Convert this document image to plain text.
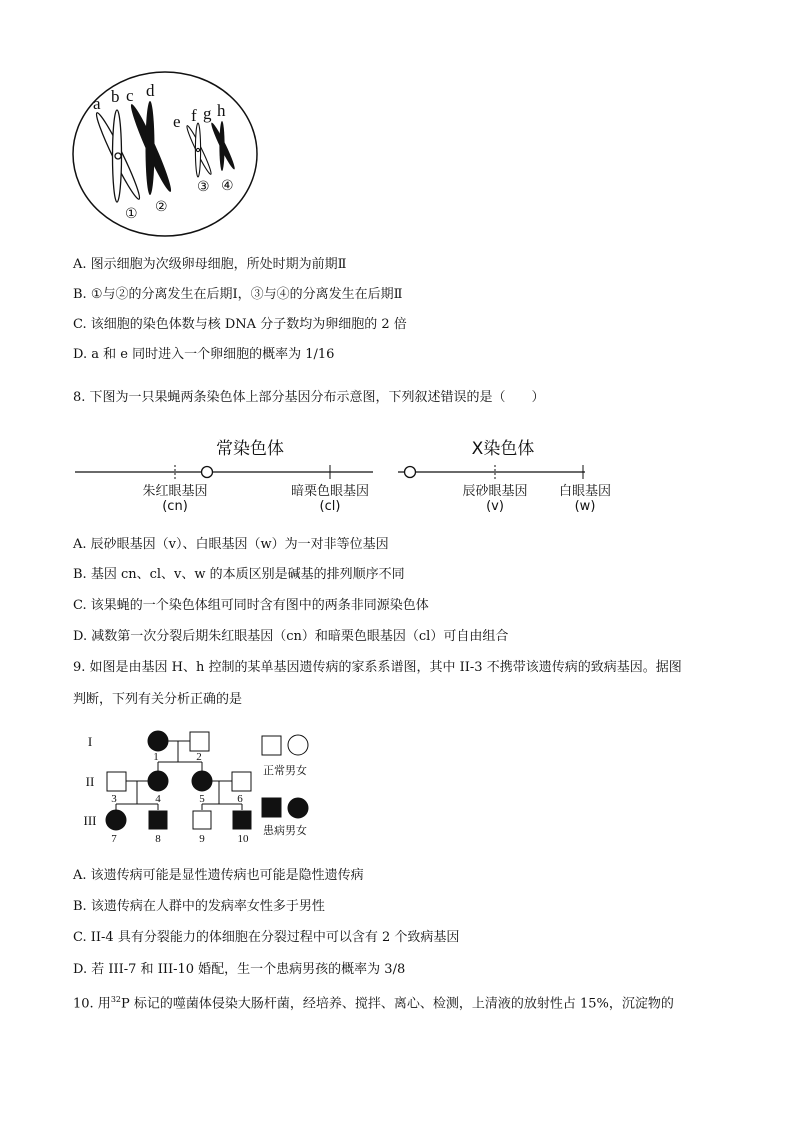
a b c d
e f g h
① ②
③ ④
常染色体
朱红眼基因
(cn)
暗栗色眼基因
(cl)
X染色体
辰砂眼基因
(v)
白眼基因
(w)
I
II
III
1	2
3	4	5	6
7	8	9	10
正常男女
患病男女
A. 图示细胞为次级卵母细胞，所处时期为前期Ⅱ
B. ①与②的分离发生在后期Ⅰ，③与④的分离发生在后期Ⅱ
C. 该细胞的染色体数与核 DNA 分子数均为卵细胞的 2 倍
D. a 和 e 同时进入一个卵细胞的概率为 1/16
8. 下图为一只果蝇两条染色体上部分基因分布示意图，下列叙述错误的是（　　）
A. 辰砂眼基因（v）、白眼基因（w）为一对非等位基因
B. 基因 cn、cl、v、w 的本质区别是碱基的排列顺序不同
C. 该果蝇的一个染色体组可同时含有图中的两条非同源染色体
D. 减数第一次分裂后期朱红眼基因（cn）和暗栗色眼基因（cl）可自由组合
9. 如图是由基因 H、h 控制的某单基因遗传病的家系系谱图，其中 II-3 不携带该遗传病的致病基因。据图
判断，下列有关分析正确的是
A. 该遗传病可能是显性遗传病也可能是隐性遗传病
B. 该遗传病在人群中的发病率女性多于男性
C. II-4 具有分裂能力的体细胞在分裂过程中可以含有 2 个致病基因
D. 若 III-7 和 III-10 婚配，生一个患病男孩的概率为 3/8
10. 用$^{32}$P 标记的噬菌体侵染大肠杆菌，经培养、搅拌、离心、检测，上清液的放射性占 15%，沉淀物的
